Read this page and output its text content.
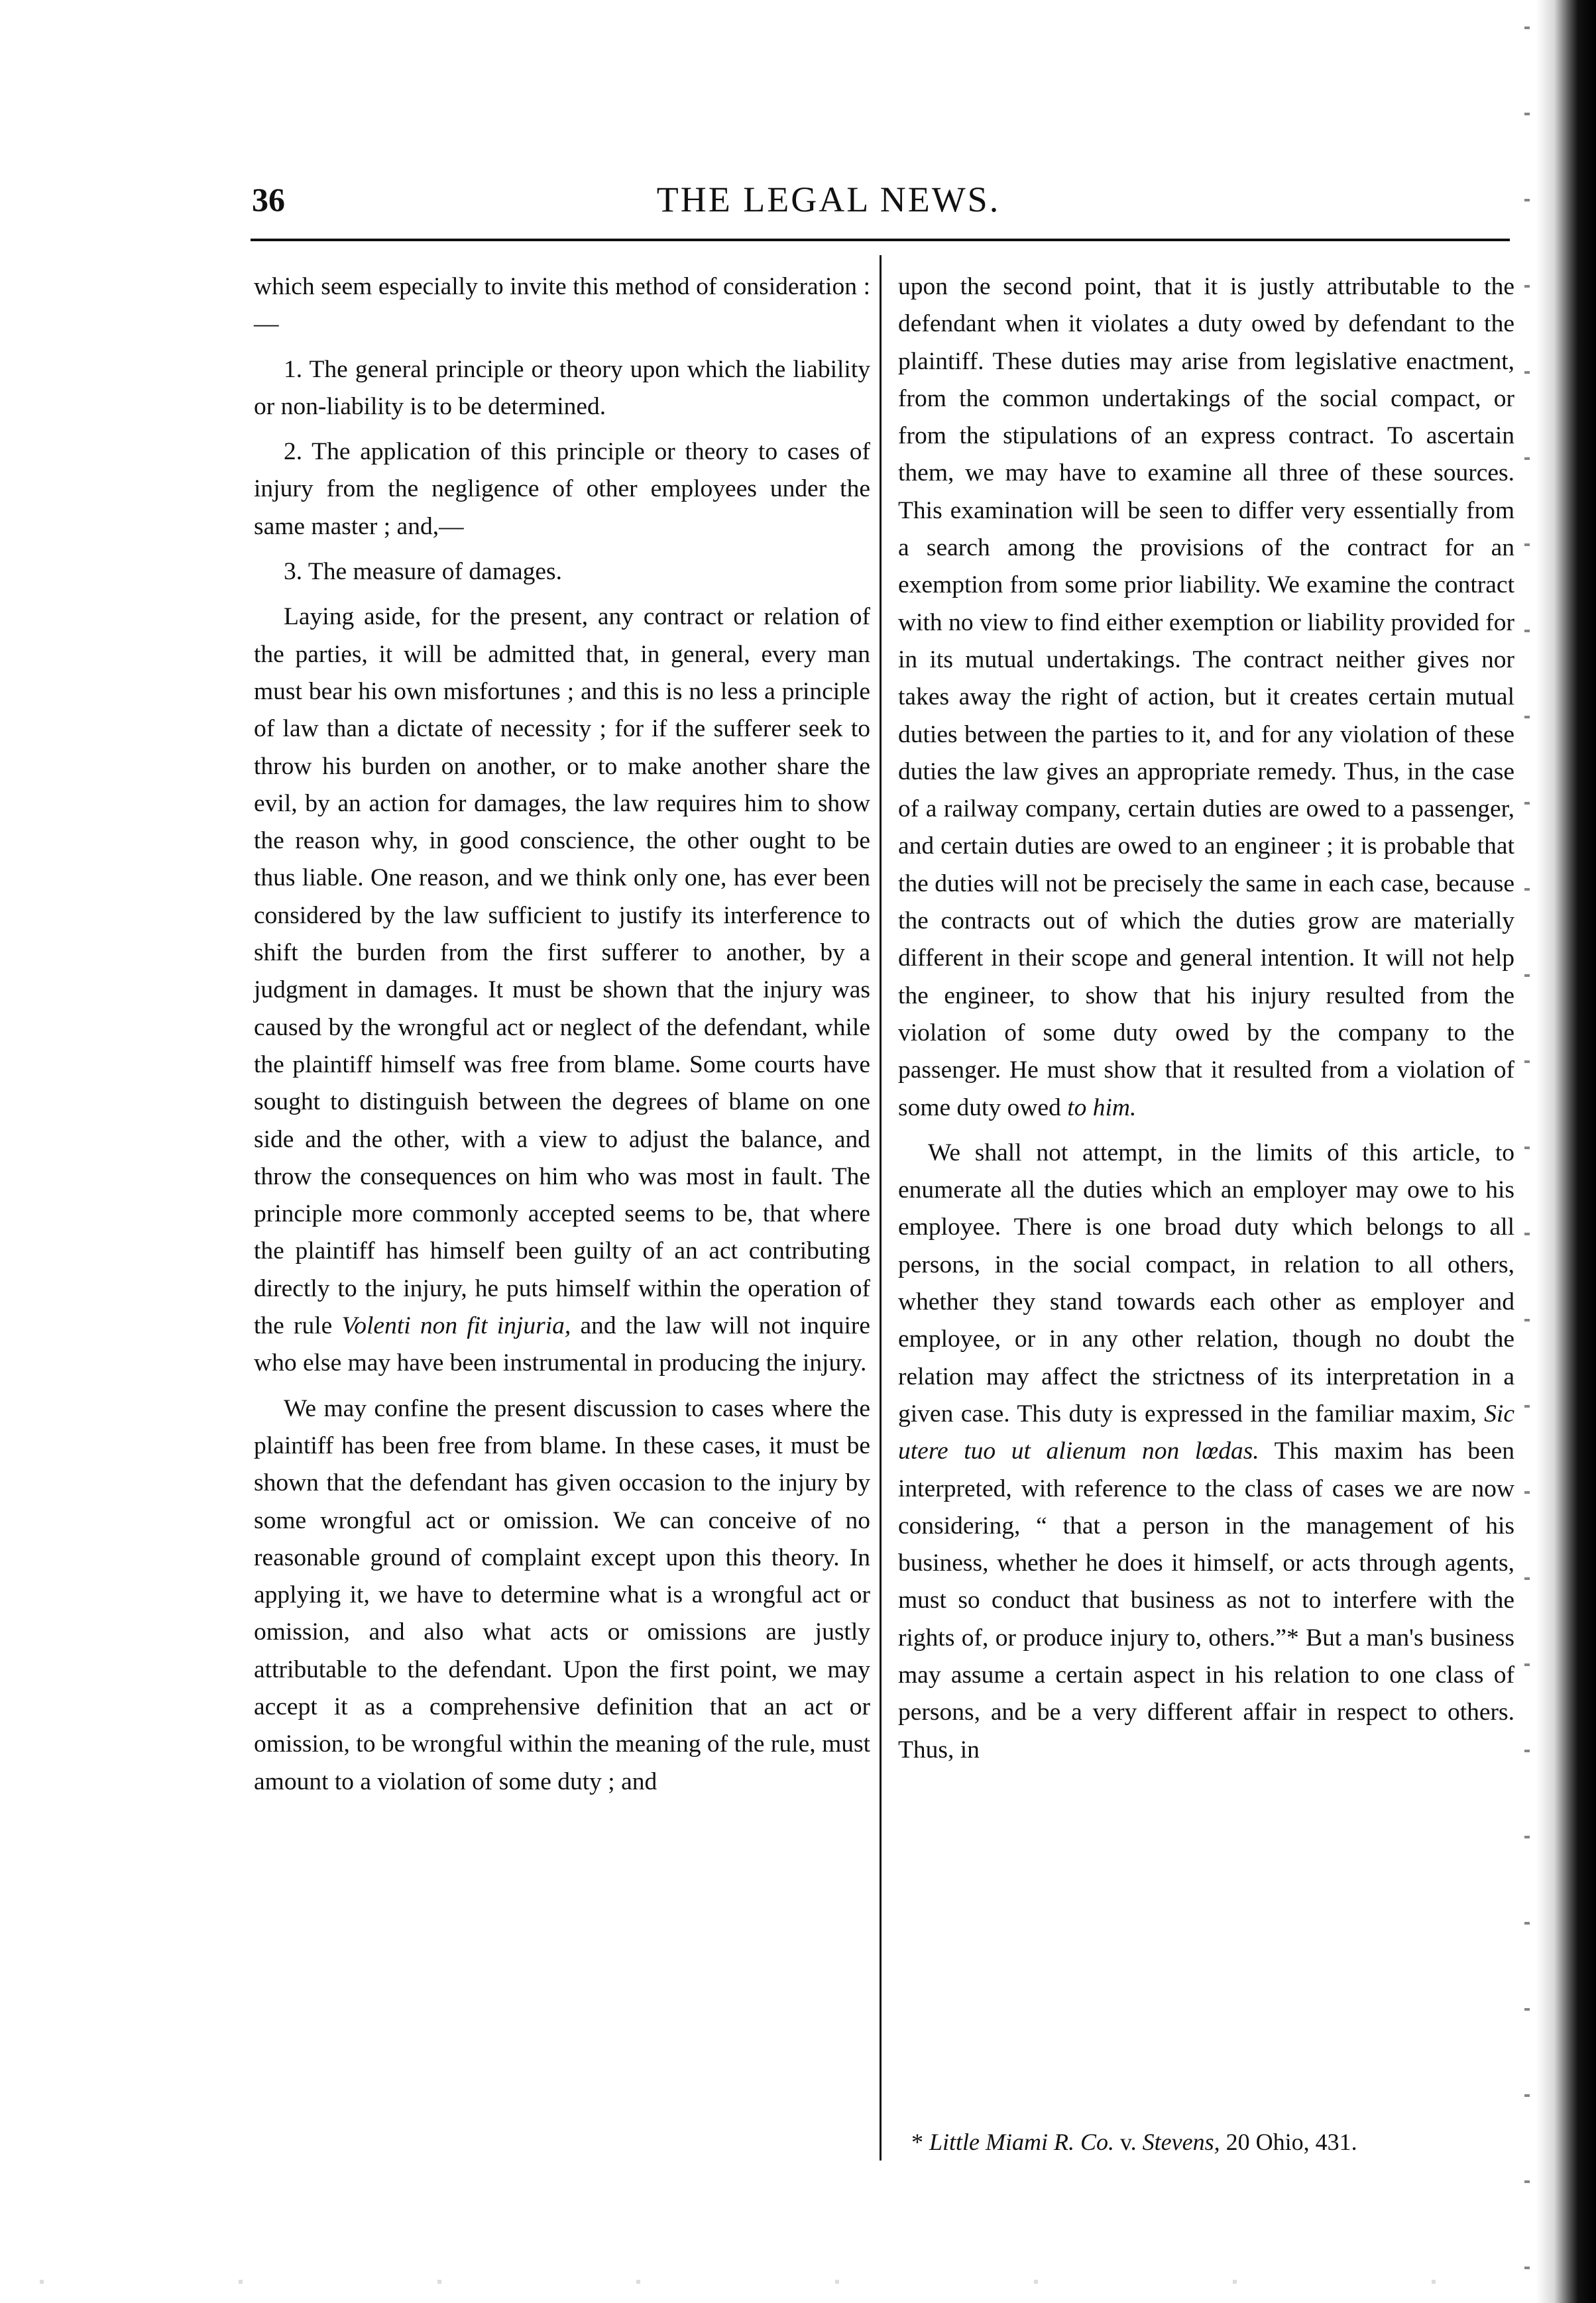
36	THE LEGAL NEWS.

which seem especially to invite this method of consideration :—

1. The general principle or theory upon which the liability or non-liability is to be determined.

2. The application of this principle or theory to cases of injury from the negligence of other employees under the same master ; and,—

3. The measure of damages.

Laying aside, for the present, any contract or relation of the parties, it will be admitted that, in general, every man must bear his own misfortunes ; and this is no less a principle of law than a dictate of necessity ; for if the sufferer seek to throw his burden on another, or to make another share the evil, by an action for damages, the law requires him to show the reason why, in good conscience, the other ought to be thus liable. One reason, and we think only one, has ever been considered by the law sufficient to justify its interference to shift the burden from the first sufferer to another, by a judgment in damages. It must be shown that the injury was caused by the wrongful act or neglect of the defendant, while the plaintiff himself was free from blame. Some courts have sought to distinguish between the degrees of blame on one side and the other, with a view to adjust the balance, and throw the consequences on him who was most in fault. The principle more commonly accepted seems to be, that where the plaintiff has himself been guilty of an act contributing directly to the injury, he puts himself within the operation of the rule Volenti non fit injuria, and the law will not inquire who else may have been instrumental in producing the injury.

We may confine the present discussion to cases where the plaintiff has been free from blame. In these cases, it must be shown that the defendant has given occasion to the injury by some wrongful act or omission. We can conceive of no reasonable ground of complaint except upon this theory. In applying it, we have to determine what is a wrongful act or omission, and also what acts or omissions are justly attributable to the defendant. Upon the first point, we may accept it as a comprehensive definition that an act or omission, to be wrongful within the meaning of the rule, must amount to a violation of some duty ; and

upon the second point, that it is justly attributable to the defendant when it violates a duty owed by defendant to the plaintiff. These duties may arise from legislative enactment, from the common undertakings of the social compact, or from the stipulations of an express contract. To ascertain them, we may have to examine all three of these sources. This examination will be seen to differ very essentially from a search among the provisions of the contract for an exemption from some prior liability. We examine the contract with no view to find either exemption or liability provided for in its mutual undertakings. The contract neither gives nor takes away the right of action, but it creates certain mutual duties between the parties to it, and for any violation of these duties the law gives an appropriate remedy. Thus, in the case of a railway company, certain duties are owed to a passenger, and certain duties are owed to an engineer ; it is probable that the duties will not be precisely the same in each case, because the contracts out of which the duties grow are materially different in their scope and general intention. It will not help the engineer, to show that his injury resulted from the violation of some duty owed by the company to the passenger. He must show that it resulted from a violation of some duty owed to him.

We shall not attempt, in the limits of this article, to enumerate all the duties which an employer may owe to his employee. There is one broad duty which belongs to all persons, in the social compact, in relation to all others, whether they stand towards each other as employer and employee, or in any other relation, though no doubt the relation may affect the strictness of its interpretation in a given case. This duty is expressed in the familiar maxim, Sic utere tuo ut alienum non lœdas. This maxim has been interpreted, with reference to the class of cases we are now considering, “ that a person in the management of his business, whether he does it himself, or acts through agents, must so conduct that business as not to interfere with the rights of, or produce injury to, others.”* But a man's business may assume a certain aspect in his relation to one class of persons, and be a very different affair in respect to others. Thus, in

* Little Miami R. Co. v. Stevens, 20 Ohio, 431.
